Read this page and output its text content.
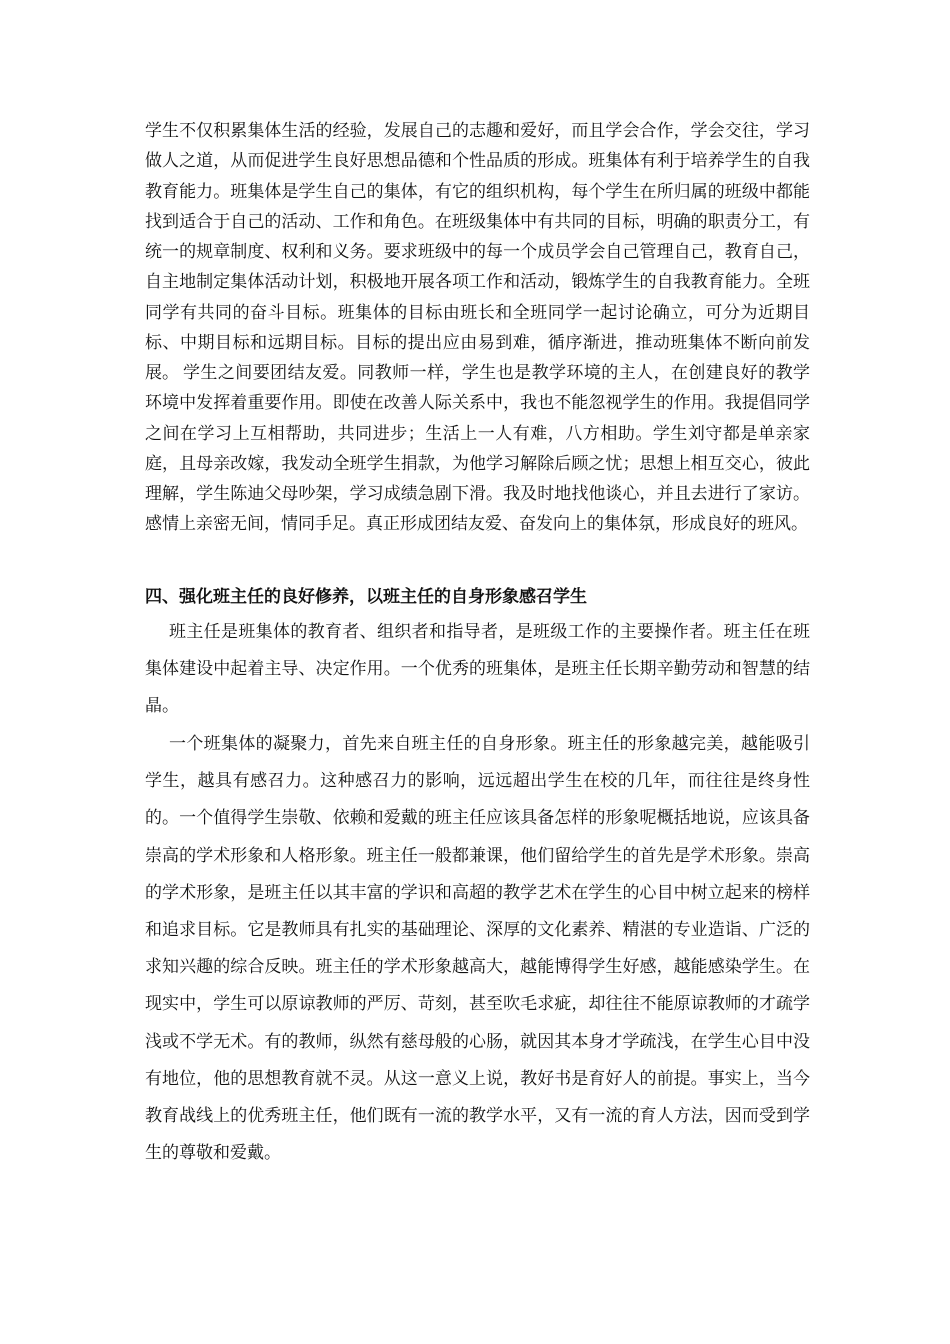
学生不仅积累集体生活的经验，发展自己的志趣和爱好，而且学会合作，学会交往，学习做人之道，从而促进学生良好思想品德和个性品质的形成。班集体有利于培养学生的自我教育能力。班集体是学生自己的集体，有它的组织机构，每个学生在所归属的班级中都能找到适合于自己的活动、工作和角色。在班级集体中有共同的目标，明确的职责分工，有统一的规章制度、权利和义务。要求班级中的每一个成员学会自己管理自己，教育自己，自主地制定集体活动计划，积极地开展各项工作和活动，锻炼学生的自我教育能力。全班同学有共同的奋斗目标。班集体的目标由班长和全班同学一起讨论确立，可分为近期目标、中期目标和远期目标。目标的提出应由易到难，循序渐进，推动班集体不断向前发展。 学生之间要团结友爱。同教师一样，学生也是教学环境的主人，在创建良好的教学环境中发挥着重要作用。即使在改善人际关系中，我也不能忽视学生的作用。我提倡同学之间在学习上互相帮助，共同进步；生活上一人有难，八方相助。学生刘守都是单亲家庭，且母亲改嫁，我发动全班学生捐款，为他学习解除后顾之忧；思想上相互交心，彼此理解，学生陈迪父母吵架，学习成绩急剧下滑。我及时地找他谈心，并且去进行了家访。感情上亲密无间，情同手足。真正形成团结友爱、奋发向上的集体氛，形成良好的班风。

四、强化班主任的良好修养，以班主任的自身形象感召学生

班主任是班集体的教育者、组织者和指导者，是班级工作的主要操作者。班主任在班集体建设中起着主导、决定作用。一个优秀的班集体，是班主任长期辛勤劳动和智慧的结晶。

一个班集体的凝聚力，首先来自班主任的自身形象。班主任的形象越完美，越能吸引学生，越具有感召力。这种感召力的影响，远远超出学生在校的几年，而往往是终身性的。一个值得学生崇敬、依赖和爱戴的班主任应该具备怎样的形象呢概括地说，应该具备崇高的学术形象和人格形象。班主任一般都兼课，他们留给学生的首先是学术形象。崇高的学术形象，是班主任以其丰富的学识和高超的教学艺术在学生的心目中树立起来的榜样和追求目标。它是教师具有扎实的基础理论、深厚的文化素养、精湛的专业造诣、广泛的求知兴趣的综合反映。班主任的学术形象越高大，越能博得学生好感，越能感染学生。在现实中，学生可以原谅教师的严厉、苛刻，甚至吹毛求疵，却往往不能原谅教师的才疏学浅或不学无术。有的教师，纵然有慈母般的心肠，就因其本身才学疏浅，在学生心目中没有地位，他的思想教育就不灵。从这一意义上说，教好书是育好人的前提。事实上，当今教育战线上的优秀班主任，他们既有一流的教学水平，又有一流的育人方法，因而受到学生的尊敬和爱戴。
